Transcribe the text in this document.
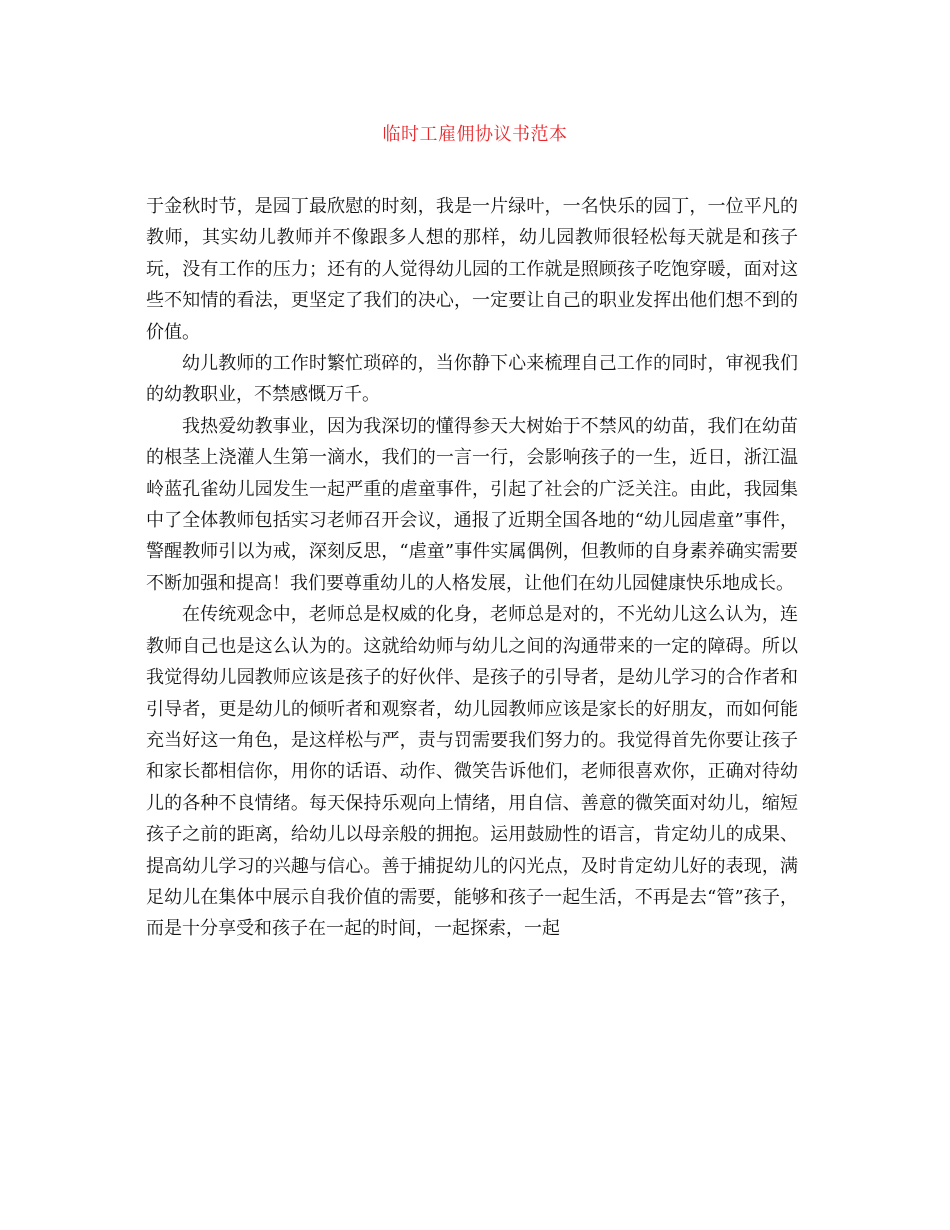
临时工雇佣协议书范本

于金秋时节，是园丁最欣慰的时刻，我是一片绿叶，一名快乐的园丁，一位平凡的教师，其实幼儿教师并不像跟多人想的那样，幼儿园教师很轻松每天就是和孩子玩，没有工作的压力；还有的人觉得幼儿园的工作就是照顾孩子吃饱穿暖，面对这些不知情的看法，更坚定了我们的决心，一定要让自己的职业发挥出他们想不到的价值。

幼儿教师的工作时繁忙琐碎的，当你静下心来梳理自己工作的同时，审视我们的幼教职业，不禁感慨万千。

我热爱幼教事业，因为我深切的懂得参天大树始于不禁风的幼苗，我们在幼苗的根茎上浇灌人生第一滴水，我们的一言一行，会影响孩子的一生，近日，浙江温岭蓝孔雀幼儿园发生一起严重的虐童事件，引起了社会的广泛关注。由此，我园集中了全体教师包括实习老师召开会议，通报了近期全国各地的“幼儿园虐童”事件，警醒教师引以为戒，深刻反思，“虐童”事件实属偶例，但教师的自身素养确实需要不断加强和提高！我们要尊重幼儿的人格发展，让他们在幼儿园健康快乐地成长。

在传统观念中，老师总是权威的化身，老师总是对的，不光幼儿这么认为，连教师自己也是这么认为的。这就给幼师与幼儿之间的沟通带来的一定的障碍。所以我觉得幼儿园教师应该是孩子的好伙伴、是孩子的引导者，是幼儿学习的合作者和引导者，更是幼儿的倾听者和观察者，幼儿园教师应该是家长的好朋友，而如何能充当好这一角色，是这样松与严，责与罚需要我们努力的。我觉得首先你要让孩子和家长都相信你，用你的话语、动作、微笑告诉他们，老师很喜欢你，正确对待幼儿的各种不良情绪。每天保持乐观向上情绪，用自信、善意的微笑面对幼儿，缩短孩子之前的距离，给幼儿以母亲般的拥抱。运用鼓励性的语言，肯定幼儿的成果、提高幼儿学习的兴趣与信心。善于捕捉幼儿的闪光点，及时肯定幼儿好的表现，满足幼儿在集体中展示自我价值的需要，能够和孩子一起生活，不再是去“管”孩子，而是十分享受和孩子在一起的时间，一起探索，一起
